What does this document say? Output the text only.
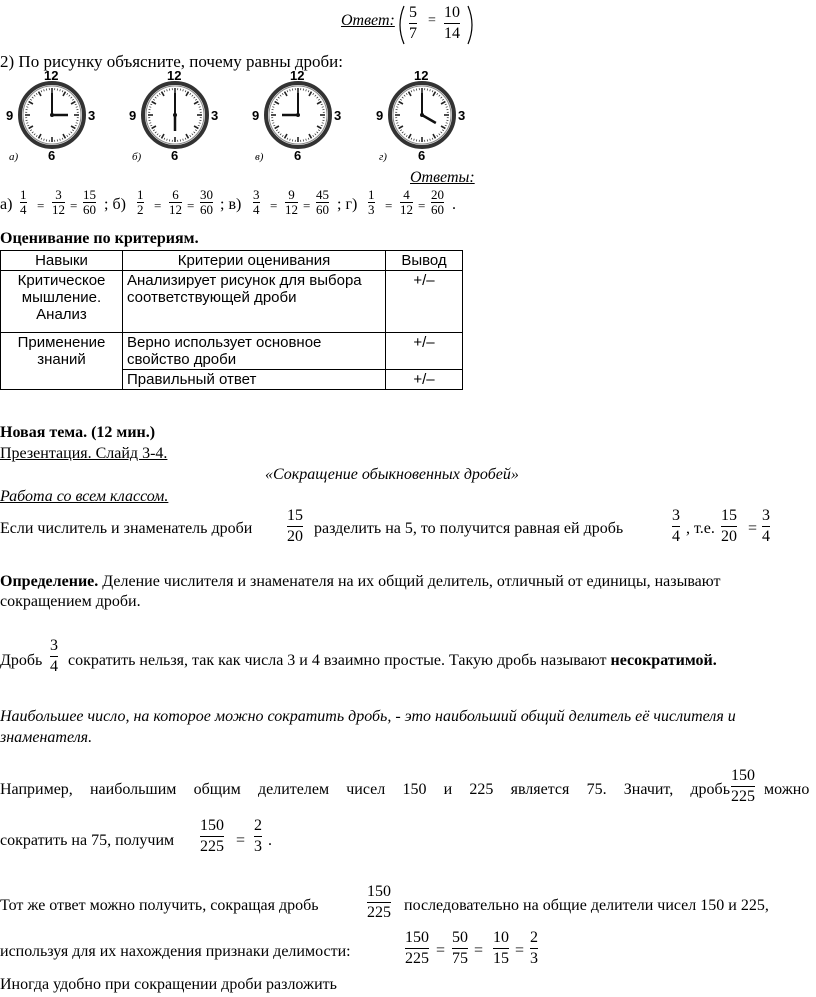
Ответ: 5
7
= 10
14
2) По рисунку объясните, почему равны дроби:
12
3
6
9
а)
12
3
6
9
б)
12
3
6
9
в)
12
3
6
9
г)
Ответы:
а)
1
4
3
12
15
60
= =
1
2
6
12
30
60
= =
3
4
9
12
45
60
= =
1
3
4
12
20
60
= =
; б)	; в)	; г)	.
Оценивание по критериям.
Навыки	Критерии оценивания	Вывод
Критическое мышление. Анализ	Анализирует рисунок для выбора соответствующей дроби	+/–
Применение знаний	Верно использует основное свойство дроби	+/–
	Правильный ответ	+/–
Новая тема. (12 мин.)
Презентация. Слайд 3-4.
«Сокращение обыкновенных дробей»
Работа со всем классом.
Если числитель и знаменатель дроби
15
20 разделить на 5, то получится равная ей дробь
3
4 , т.е.
15
20 =
3
4
Определение. Деление числителя и знаменателя на их общий делитель, отличный от единицы, называют сокращением дроби.
Дробь
3
4 сократить нельзя, так как числа 3 и 4 взаимно простые. Такую дробь называют несократимой.
Наибольшее число, на которое можно сократить дробь, - это наибольший общий делитель её числителя и знаменателя.
Например, наибольшим общим делителем чисел 150 и 225 является 75. Значит, дробь
150
225 можно
сократить на 75, получим
150
225 =
2
3 .
Тот же ответ можно получить, сокращая дробь
150
225 последовательно на общие делители чисел 150 и 225,
используя для их нахождения признаки делимости:
150
225 =
50
75 =
10
15 =
2
3
Иногда удобно при сокращении дроби разложить
